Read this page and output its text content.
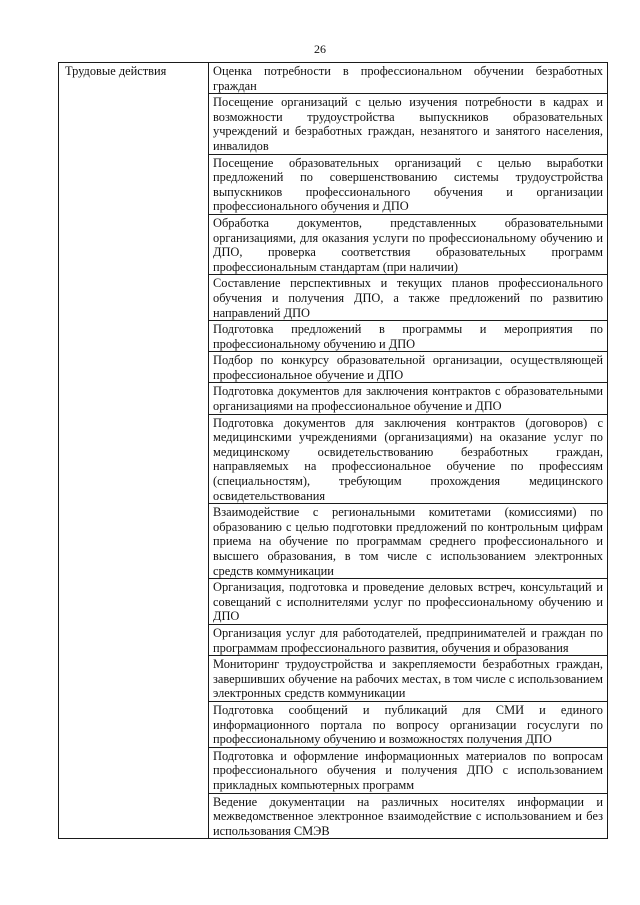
26
Трудовые действия	Оценка потребности в профессиональном обучении безработных граждан
Посещение организаций с целью изучения потребности в кадрах и возможности трудоустройства выпускников образовательных учреждений и безработных граждан, незанятого и занятого населения, инвалидов
Посещение образовательных организаций с целью выработки предложений по совершенствованию системы трудоустройства выпускников профессионального обучения и организации профессионального обучения и ДПО
Обработка документов, представленных образовательными организациями, для оказания услуги по профессиональному обучению и ДПО, проверка соответствия образовательных программ профессиональным стандартам (при наличии)
Составление перспективных и текущих планов профессионального обучения и получения ДПО, а также предложений по развитию направлений ДПО
Подготовка предложений в программы и мероприятия по профессиональному обучению и ДПО
Подбор по конкурсу образовательной организации, осуществляющей профессиональное обучение и ДПО
Подготовка документов для заключения контрактов с образовательными организациями на профессиональное обучение и ДПО
Подготовка документов для заключения контрактов (договоров) с медицинскими учреждениями (организациями) на оказание услуг по медицинскому освидетельствованию безработных граждан, направляемых на профессиональное обучение по профессиям (специальностям), требующим прохождения медицинского освидетельствования
Взаимодействие с региональными комитетами (комиссиями) по образованию с целью подготовки предложений по контрольным цифрам приема на обучение по программам среднего профессионального и высшего образования, в том числе с использованием электронных средств коммуникации
Организация, подготовка и проведение деловых встреч, консультаций и совещаний с исполнителями услуг по профессиональному обучению и ДПО
Организация услуг для работодателей, предпринимателей и граждан по программам профессионального развития, обучения и образования
Мониторинг трудоустройства и закрепляемости безработных граждан, завершивших обучение на рабочих местах, в том числе с использованием электронных средств коммуникации
Подготовка сообщений и публикаций для СМИ и единого информационного портала по вопросу организации госуслуги по профессиональному обучению и возможностях получения ДПО
Подготовка и оформление информационных материалов по вопросам профессионального обучения и получения ДПО с использованием прикладных компьютерных программ
Ведение документации на различных носителях информации и межведомственное электронное взаимодействие с использованием и без использования СМЭВ
